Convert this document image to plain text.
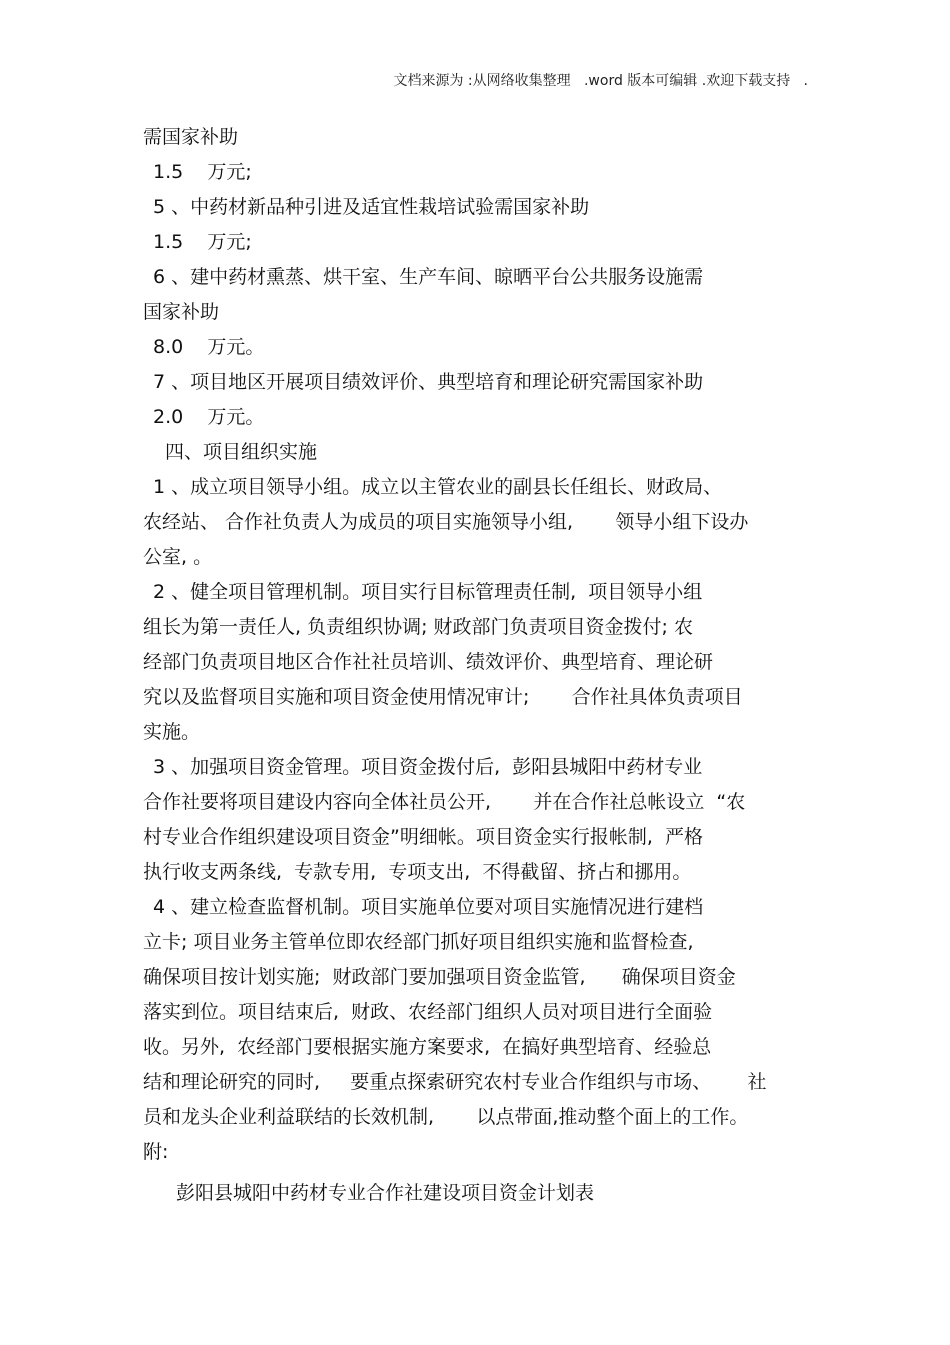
文档来源为 :从网络收集整理   .word 版本可编辑 .欢迎下载支持   .
需国家补助
1.5    万元;
5 、中药材新品种引进及适宜性栽培试验需国家补助
1.5    万元;
6 、建中药材熏蒸、烘干室、生产车间、晾晒平台公共服务设施需
国家补助
8.0    万元。
7 、项目地区开展项目绩效评价、典型培育和理论研究需国家补助
2.0    万元。
四、项目组织实施
1 、成立项目领导小组。成立以主管农业的副县长任组长、财政局、
农经站、 合作社负责人为成员的项目实施领导小组,       领导小组下设办
公室, 。
2 、健全项目管理机制。项目实行目标管理责任制,  项目领导小组
组长为第一责任人, 负责组织协调; 财政部门负责项目资金拨付; 农
经部门负责项目地区合作社社员培训、绩效评价、典型培育、理论研
究以及监督项目实施和项目资金使用情况审计;       合作社具体负责项目
实施。
3 、加强项目资金管理。项目资金拨付后,  彭阳县城阳中药材专业
合作社要将项目建设内容向全体社员公开,       并在合作社总帐设立  “农
村专业合作组织建设项目资金”明细帐。项目资金实行报帐制,  严格
执行收支两条线,  专款专用,  专项支出,  不得截留、挤占和挪用。
4 、建立检查监督机制。项目实施单位要对项目实施情况进行建档
立卡; 项目业务主管单位即农经部门抓好项目组织实施和监督检查,
确保项目按计划实施;  财政部门要加强项目资金监管,      确保项目资金
落实到位。项目结束后,  财政、农经部门组织人员对项目进行全面验
收。另外,  农经部门要根据实施方案要求,  在搞好典型培育、经验总
结和理论研究的同时,     要重点探索研究农村专业合作组织与市场、      社
员和龙头企业利益联结的长效机制,       以点带面,推动整个面上的工作。
附:
彭阳县城阳中药材专业合作社建设项目资金计划表
